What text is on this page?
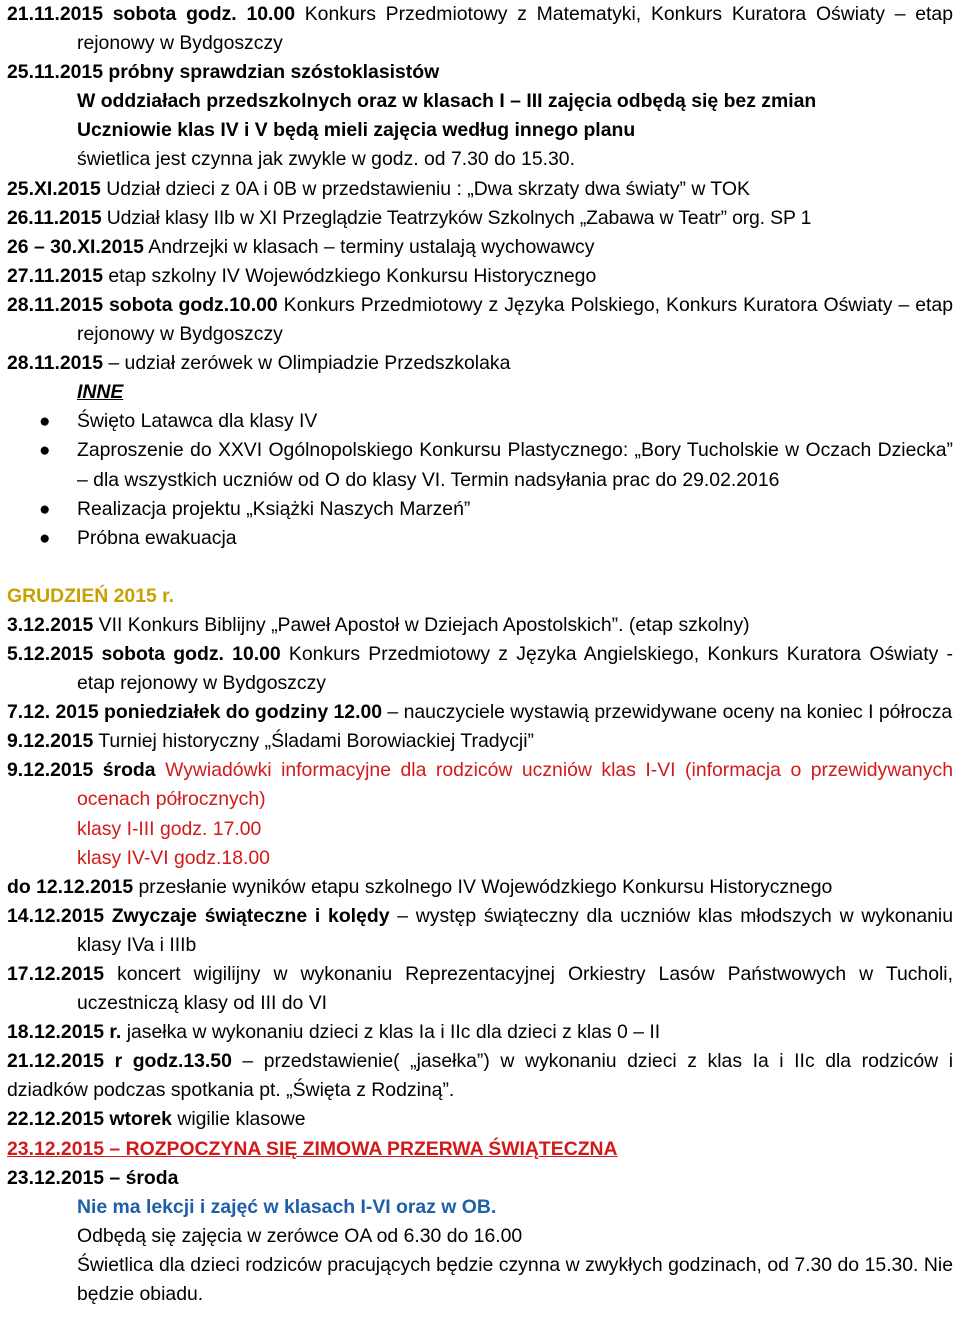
21.11.2015 sobota godz. 10.00 Konkurs Przedmiotowy z Matematyki, Konkurs Kuratora Oświaty – etap rejonowy w Bydgoszczy

25.11.2015 próbny sprawdzian szóstoklasistów
W oddziałach przedszkolnych oraz w klasach I – III zajęcia odbędą się bez zmian
Uczniowie klas IV i V będą mieli zajęcia według innego planu
świetlica jest czynna jak zwykle w godz. od 7.30 do 15.30.

25.XI.2015 Udział dzieci z 0A i 0B w przedstawieniu : „Dwa skrzaty dwa światy” w TOK

26.11.2015 Udział klasy IIb w XI Przeglądzie Teatrzyków Szkolnych „Zabawa w Teatr” org. SP 1

26 – 30.XI.2015 Andrzejki w klasach – terminy ustalają wychowawcy

27.11.2015 etap szkolny IV Wojewódzkiego Konkursu Historycznego

28.11.2015 sobota godz.10.00 Konkurs Przedmiotowy z Języka Polskiego, Konkurs Kuratora Oświaty – etap rejonowy w Bydgoszczy

28.11.2015 – udział zerówek w Olimpiadzie Przedszkolaka

INNE
● Święto Latawca dla klasy IV
● Zaproszenie do XXVI Ogólnopolskiego Konkursu Plastycznego: „Bory Tucholskie w Oczach Dziecka” – dla wszystkich uczniów od O do klasy VI. Termin nadsyłania prac do 29.02.2016
● Realizacja projektu „Książki Naszych Marzeń”
● Próbna ewakuacja
GRUDZIEŃ 2015 r.

3.12.2015 VII Konkurs Biblijny „Paweł Apostoł w Dziejach Apostolskich”. (etap szkolny)

5.12.2015 sobota godz. 10.00 Konkurs Przedmiotowy z Języka Angielskiego, Konkurs Kuratora Oświaty - etap rejonowy w Bydgoszczy

7.12. 2015 poniedziałek do godziny 12.00 – nauczyciele wystawią przewidywane oceny na koniec I półrocza

9.12.2015 Turniej historyczny „Śladami Borowiackiej Tradycji”

9.12.2015 środa Wywiadówki informacyjne dla rodziców uczniów klas I-VI (informacja o przewidywanych ocenach półrocznych)

klasy I-III godz. 17.00
klasy IV-VI godz.18.00

do 12.12.2015 przesłanie wyników etapu szkolnego IV Wojewódzkiego Konkursu Historycznego

14.12.2015 Zwyczaje świąteczne i kolędy – występ świąteczny dla uczniów klas młodszych w wykonaniu klasy IVa i IIIb

17.12.2015 koncert wigilijny w wykonaniu Reprezentacyjnej Orkiestry Lasów Państwowych w Tucholi, uczestniczą klasy od III do VI

18.12.2015 r. jasełka w wykonaniu dzieci z klas Ia i IIc dla dzieci z klas 0 – II

21.12.2015 r godz.13.50 – przedstawienie( „jasełka”) w wykonaniu dzieci z klas Ia i IIc dla rodziców i dziadków podczas spotkania pt. „Święta z Rodziną”.

22.12.2015 wtorek wigilie klasowe

23.12.2015 – ROZPOCZYNA SIĘ ZIMOWA PRZERWA ŚWIĄTECZNA
23.12.2015 – środa
Nie ma lekcji i zajęć w klasach I-VI oraz w OB.
Odbędą się zajęcia w zerówce OA od 6.30 do 16.00
Świetlica dla dzieci rodziców pracujących będzie czynna w zwykłych godzinach, od 7.30 do 15.30. Nie będzie obiadu.
